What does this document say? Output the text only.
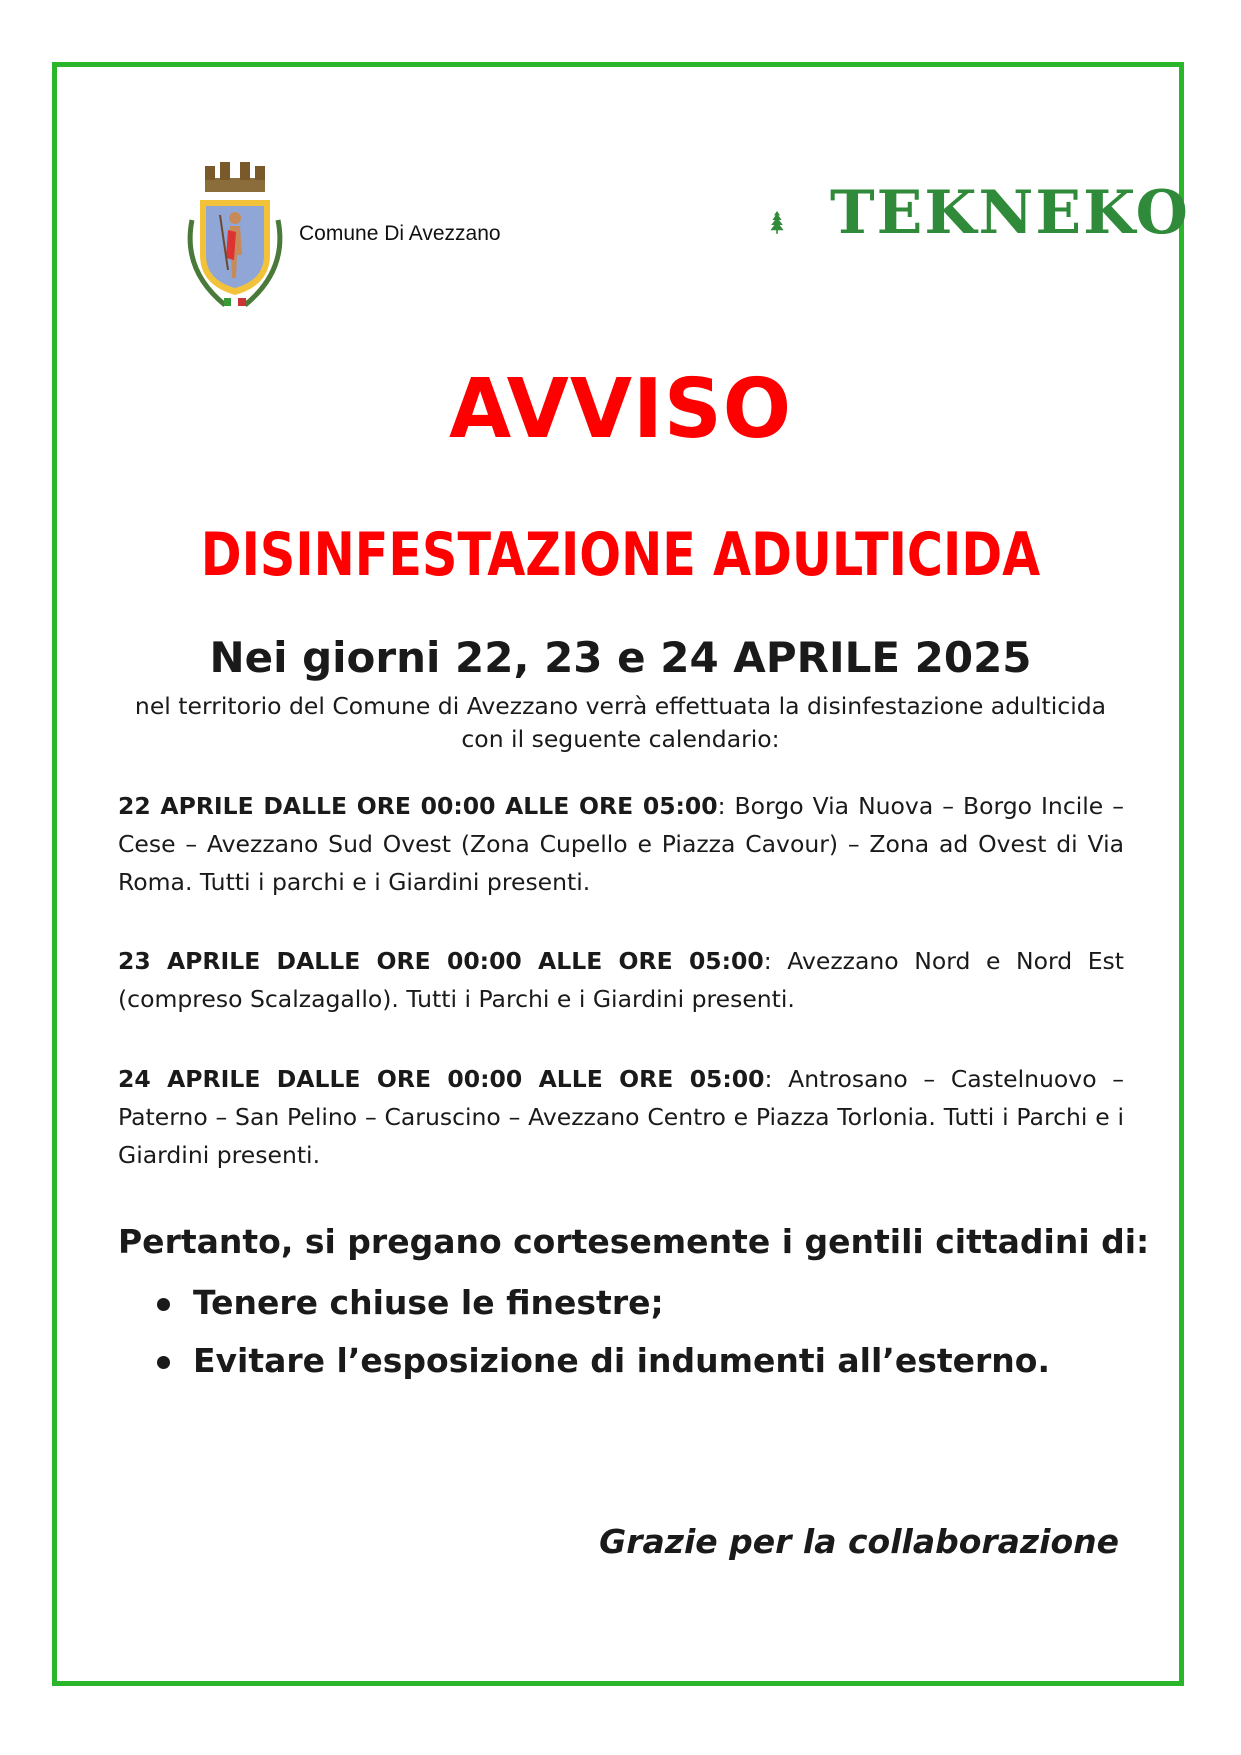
Comune Di Avezzano	TEKNEKO
AVVISO
DISINFESTAZIONE ADULTICIDA
Nei giorni 22, 23 e 24 APRILE 2025
nel territorio del Comune di Avezzano verrà effettuata la disinfestazione adulticida con il seguente calendario:
22 APRILE DALLE ORE 00:00 ALLE ORE 05:00: Borgo Via Nuova – Borgo Incile – Cese – Avezzano Sud Ovest (Zona Cupello e Piazza Cavour) – Zona ad Ovest di Via Roma. Tutti i parchi e i Giardini presenti.
23 APRILE DALLE ORE 00:00 ALLE ORE 05:00: Avezzano Nord e Nord Est (compreso Scalzagallo). Tutti i Parchi e i Giardini presenti.
24 APRILE DALLE ORE 00:00 ALLE ORE 05:00: Antrosano – Castelnuovo – Paterno – San Pelino – Caruscino – Avezzano Centro e Piazza Torlonia. Tutti i Parchi e i Giardini presenti.
Pertanto, si pregano cortesemente i gentili cittadini di:
Tenere chiuse le finestre;
Evitare l’esposizione di indumenti all’esterno.
Grazie per la collaborazione
